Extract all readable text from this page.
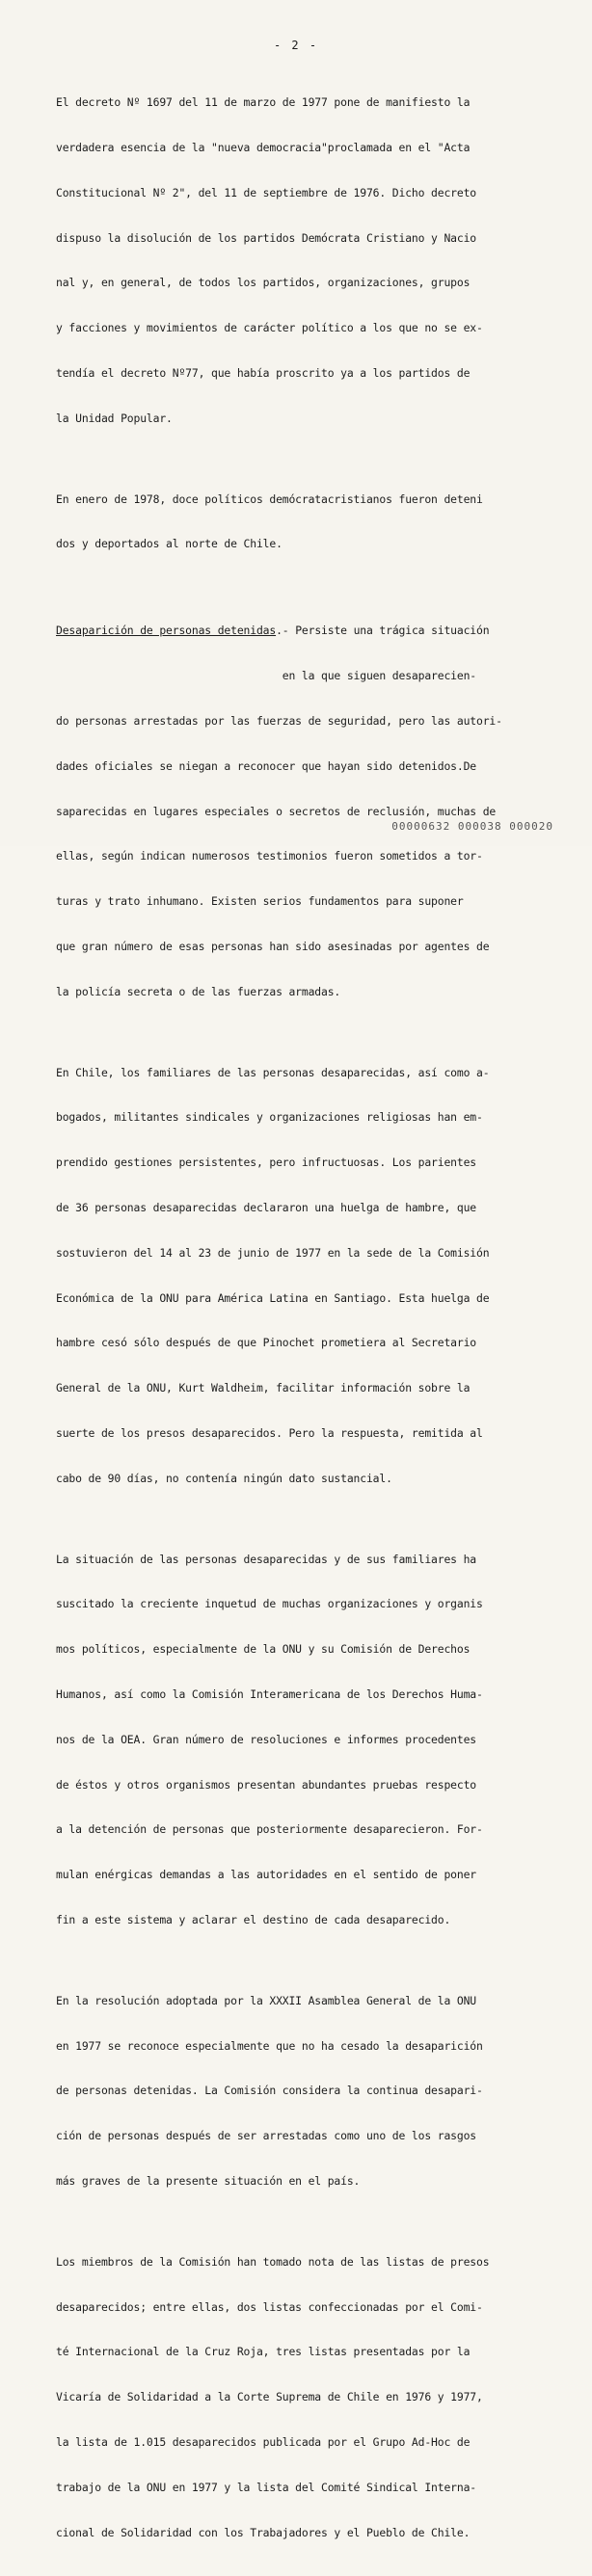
- 2 -

El decreto Nº 1697 del 11 de marzo de 1977 pone de manifiesto la

verdadera esencia de la "nueva democracia"proclamada en el "Acta

Constitucional Nº 2", del 11 de septiembre de 1976. Dicho decreto

dispuso la disolución de los partidos Demócrata Cristiano y Nacio

nal y, en general, de todos los partidos, organizaciones, grupos

y facciones y movimientos de carácter político a los que no se ex-

tendía el decreto Nº77, que había proscrito ya a los partidos de

la Unidad Popular.

En enero de 1978, doce políticos demócratacristianos fueron deteni

dos y deportados al norte de Chile.

Desaparición de personas detenidas.- Persiste una trágica situación

en la que siguen desaparecien-

do personas arrestadas por las fuerzas de seguridad, pero las autori-

dades oficiales se niegan a reconocer que hayan sido detenidos.De

saparecidas en lugares especiales o secretos de reclusión, muchas de

ellas, según indican numerosos testimonios fueron sometidos a tor-

turas y trato inhumano. Existen serios fundamentos para suponer

que gran número de esas personas han sido asesinadas por agentes de

la policía secreta o de las fuerzas armadas.

En Chile, los familiares de las personas desaparecidas, así como a-

bogados, militantes sindicales y organizaciones religiosas han em-

prendido gestiones persistentes, pero infructuosas. Los parientes

de 36 personas desaparecidas declararon una huelga de hambre, que

sostuvieron del 14 al 23 de junio de 1977 en la sede de la Comisión

Económica de la ONU para América Latina en Santiago. Esta huelga de

hambre cesó sólo después de que Pinochet prometiera al Secretario

General de la ONU, Kurt Waldheim, facilitar información sobre la

suerte de los presos desaparecidos. Pero la respuesta, remitida al

cabo de 90 días, no contenía ningún dato sustancial.

La situación de las personas desaparecidas y de sus familiares ha

suscitado la creciente inquetud de muchas organizaciones y organis

mos políticos, especialmente de la ONU y su Comisión de Derechos

Humanos, así como la Comisión Interamericana de los Derechos Huma-

nos de la OEA. Gran número de resoluciones e informes procedentes

de éstos y otros organismos presentan abundantes pruebas respecto

a la detención de personas que posteriormente desaparecieron. For-

mulan enérgicas demandas a las autoridades en el sentido de poner

fin a este sistema y aclarar el destino de cada desaparecido.

En la resolución adoptada por la XXXII Asamblea General de la ONU

en 1977 se reconoce especialmente que no ha cesado la desaparición

de personas detenidas. La Comisión considera la continua desapari-

ción de personas después de ser arrestadas como uno de los rasgos

más graves de la presente situación en el país.

Los miembros de la Comisión han tomado nota de las listas de presos

desaparecidos; entre ellas, dos listas confeccionadas por el Comi-

té Internacional de la Cruz Roja, tres listas presentadas por la

Vicaría de Solidaridad a la Corte Suprema de Chile en 1976 y 1977,

la lista de 1.015 desaparecidos publicada por el Grupo Ad-Hoc de

trabajo de la ONU en 1977 y la lista del Comité Sindical Interna-

cional de Solidaridad con los Trabajadores y el Pueblo de Chile.

00000632 000038 000020
